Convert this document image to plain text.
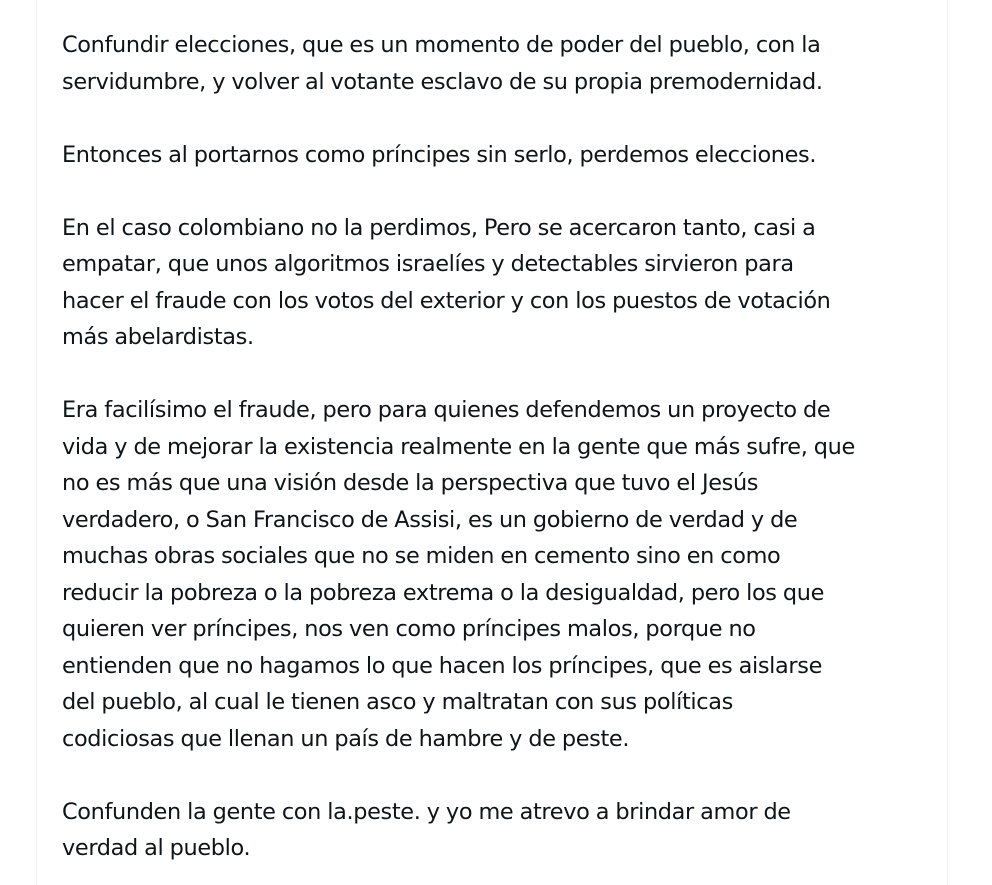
Confundir elecciones, que es un momento de poder del pueblo, con la
servidumbre, y volver al votante esclavo de su propia premodernidad.

Entonces al portarnos como príncipes sin serlo, perdemos elecciones.

En el caso colombiano no la perdimos, Pero se acercaron tanto, casi a
empatar, que unos algoritmos israelíes y detectables sirvieron para
hacer el fraude con los votos del exterior y con los puestos de votación
más abelardistas.

Era facilísimo el fraude, pero para quienes defendemos un proyecto de
vida y de mejorar la existencia realmente en la gente que más sufre, que
no es más que una visión desde la perspectiva que tuvo el Jesús
verdadero, o San Francisco de Assisi, es un gobierno de verdad y de
muchas obras sociales que no se miden en cemento sino en como
reducir la pobreza o la pobreza extrema o la desigualdad, pero los que
quieren ver príncipes, nos ven como príncipes malos, porque no
entienden que no hagamos lo que hacen los príncipes, que es aislarse
del pueblo, al cual le tienen asco y maltratan con sus políticas
codiciosas que llenan un país de hambre y de peste.

Confunden la gente con la.peste. y yo me atrevo a brindar amor de
verdad al pueblo.
